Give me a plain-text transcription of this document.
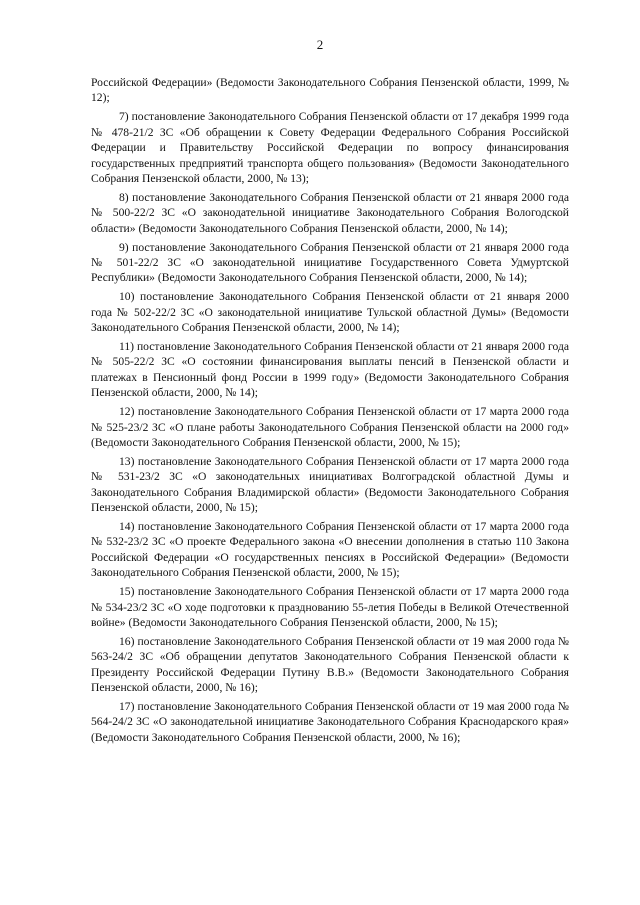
2

Российской Федерации» (Ведомости Законодательного Собрания Пензенской области, 1999, № 12);

7) постановление Законодательного Собрания Пензенской области от 17 декабря 1999 года № 478-21/2 ЗС «Об обращении к Совету Федерации Федерального Собрания Российской Федерации и Правительству Российской Федерации по вопросу финансирования государственных предприятий транспорта общего пользования» (Ведомости Законодательного Собрания Пензенской области, 2000, № 13);

8) постановление Законодательного Собрания Пензенской области от 21 января 2000 года № 500-22/2 ЗС «О законодательной инициативе Законодательного Собрания Вологодской области» (Ведомости Законодательного Собрания Пензенской области, 2000, № 14);

9) постановление Законодательного Собрания Пензенской области от 21 января 2000 года № 501-22/2 ЗС «О законодательной инициативе Государственного Совета Удмуртской Республики» (Ведомости Законодательного Собрания Пензенской области, 2000, № 14);

10) постановление Законодательного Собрания Пензенской области от 21 января 2000 года № 502-22/2 ЗС «О законодательной инициативе Тульской областной Думы» (Ведомости Законодательного Собрания Пензенской области, 2000, № 14);

11) постановление Законодательного Собрания Пензенской области от 21 января 2000 года № 505-22/2 ЗС «О состоянии финансирования выплаты пенсий в Пензенской области и платежах в Пенсионный фонд России в 1999 году» (Ведомости Законодательного Собрания Пензенской области, 2000, № 14);

12) постановление Законодательного Собрания Пензенской области от 17 марта 2000 года № 525-23/2 ЗС «О плане работы Законодательного Собрания Пензенской области на 2000 год» (Ведомости Законодательного Собрания Пензенской области, 2000, № 15);

13) постановление Законодательного Собрания Пензенской области от 17 марта 2000 года № 531-23/2 ЗС «О законодательных инициативах Волгоградской областной Думы и Законодательного Собрания Владимирской области» (Ведомости Законодательного Собрания Пензенской области, 2000, № 15);

14) постановление Законодательного Собрания Пензенской области от 17 марта 2000 года № 532-23/2 ЗС «О проекте Федерального закона «О внесении дополнения в статью 110 Закона Российской Федерации «О государственных пенсиях в Российской Федерации» (Ведомости Законодательного Собрания Пензенской области, 2000, № 15);

15) постановление Законодательного Собрания Пензенской области от 17 марта 2000 года № 534-23/2 ЗС «О ходе подготовки к празднованию 55-летия Победы в Великой Отечественной войне» (Ведомости Законодательного Собрания Пензенской области, 2000, № 15);

16) постановление Законодательного Собрания Пензенской области от 19 мая 2000 года № 563-24/2 ЗС «Об обращении депутатов Законодательного Собрания Пензенской области к Президенту Российской Федерации Путину В.В.» (Ведомости Законодательного Собрания Пензенской области, 2000, № 16);

17) постановление Законодательного Собрания Пензенской области от 19 мая 2000 года № 564-24/2 ЗС «О законодательной инициативе Законодательного Собрания Краснодарского края» (Ведомости Законодательного Собрания Пензенской области, 2000, № 16);
